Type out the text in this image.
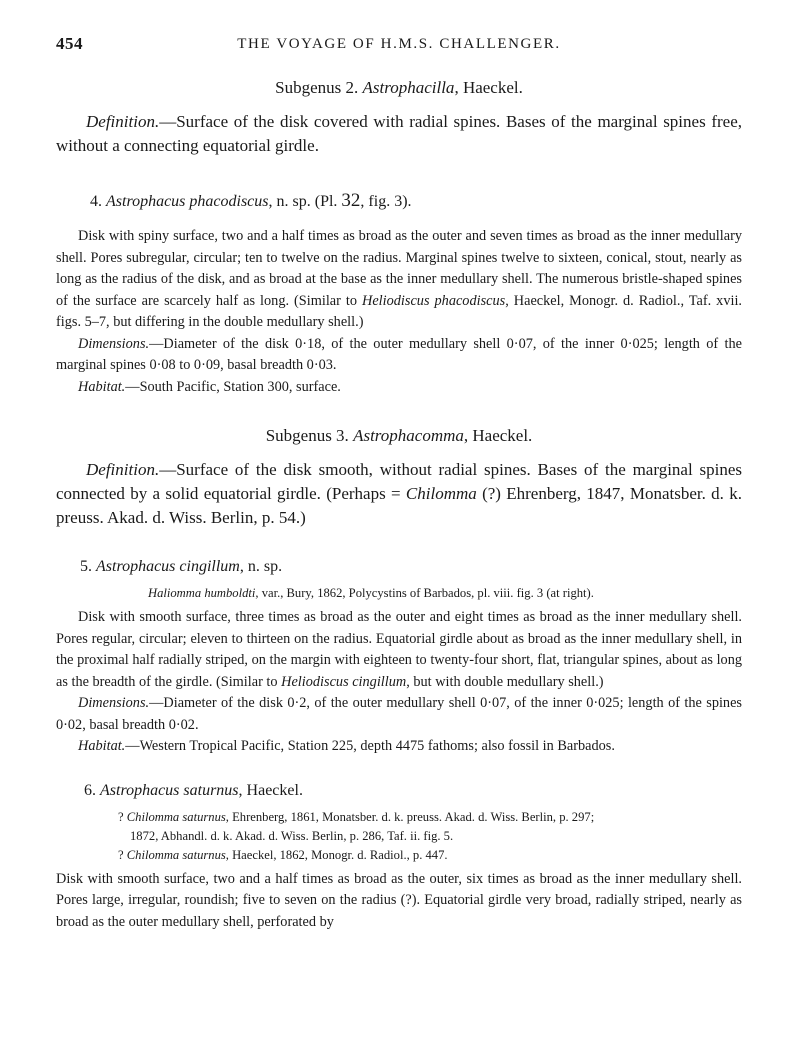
454	THE VOYAGE OF H.M.S. CHALLENGER.
Subgenus 2. Astrophacilla, Haeckel.

Definition.—Surface of the disk covered with radial spines. Bases of the marginal spines free, without a connecting equatorial girdle.

4. Astrophacus phacodiscus, n. sp. (Pl. 32, fig. 3).

Disk with spiny surface, two and a half times as broad as the outer and seven times as broad as the inner medullary shell. Pores subregular, circular; ten to twelve on the radius. Marginal spines twelve to sixteen, conical, stout, nearly as long as the radius of the disk, and as broad at the base as the inner medullary shell. The numerous bristle-shaped spines of the surface are scarcely half as long. (Similar to Heliodiscus phacodiscus, Haeckel, Monogr. d. Radiol., Taf. xvii. figs. 5–7, but differing in the double medullary shell.)

Dimensions.—Diameter of the disk 0·18, of the outer medullary shell 0·07, of the inner 0·025; length of the marginal spines 0·08 to 0·09, basal breadth 0·03.

Habitat.—South Pacific, Station 300, surface.

Subgenus 3. Astrophacomma, Haeckel.

Definition.—Surface of the disk smooth, without radial spines. Bases of the marginal spines connected by a solid equatorial girdle. (Perhaps = Chilomma (?) Ehrenberg, 1847, Monatsber. d. k. preuss. Akad. d. Wiss. Berlin, p. 54.)

5. Astrophacus cingillum, n. sp.

Haliomma humboldti, var., Bury, 1862, Polycystins of Barbados, pl. viii. fig. 3 (at right).

Disk with smooth surface, three times as broad as the outer and eight times as broad as the inner medullary shell. Pores regular, circular; eleven to thirteen on the radius. Equatorial girdle about as broad as the inner medullary shell, in the proximal half radially striped, on the margin with eighteen to twenty-four short, flat, triangular spines, about as long as the breadth of the girdle. (Similar to Heliodiscus cingillum, but with double medullary shell.)

Dimensions.—Diameter of the disk 0·2, of the outer medullary shell 0·07, of the inner 0·025; length of the spines 0·02, basal breadth 0·02.

Habitat.—Western Tropical Pacific, Station 225, depth 4475 fathoms; also fossil in Barbados.

6. Astrophacus saturnus, Haeckel.

? Chilomma saturnus, Ehrenberg, 1861, Monatsber. d. k. preuss. Akad. d. Wiss. Berlin, p. 297;

1872, Abhandl. d. k. Akad. d. Wiss. Berlin, p. 286, Taf. ii. fig. 5.

? Chilomma saturnus, Haeckel, 1862, Monogr. d. Radiol., p. 447.

Disk with smooth surface, two and a half times as broad as the outer, six times as broad as the inner medullary shell. Pores large, irregular, roundish; five to seven on the radius (?). Equatorial girdle very broad, radially striped, nearly as broad as the outer medullary shell, perforated by
